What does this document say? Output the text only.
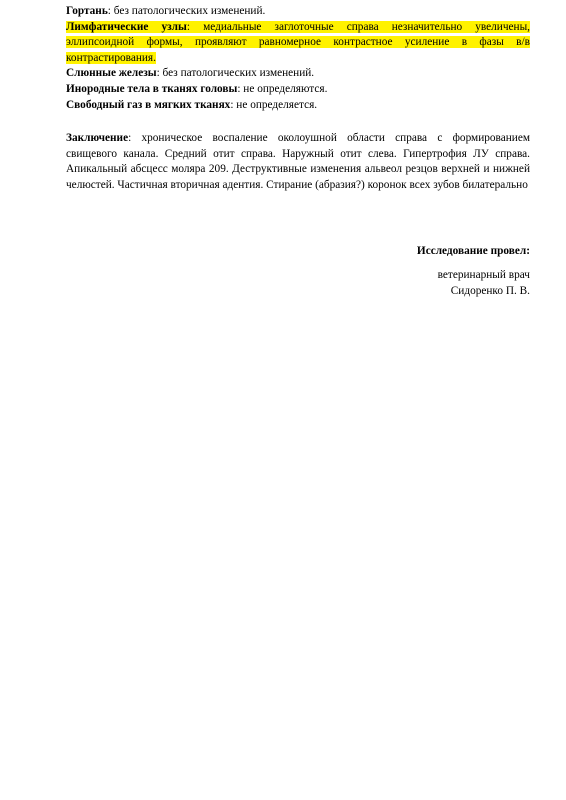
Гортань: без патологических изменений.

Лимфатические узлы: медиальные заглоточные справа незначительно увеличены, эллипсоидной формы, проявляют равномерное контрастное усиление в фазы в/в контрастирования.

Слюнные железы: без патологических изменений.

Инородные тела в тканях головы: не определяются.

Свободный газ в мягких тканях: не определяется.

Заключение: хроническое воспаление околоушной области справа с формированием свищевого канала. Средний отит справа. Наружный отит слева. Гипертрофия ЛУ справа. Апикальный абсцесс моляра 209. Деструктивные изменения альвеол резцов верхней и нижней челюстей. Частичная вторичная адентия. Стирание (абразия?) коронок всех зубов билатерально

Исследование провел:
ветеринарный врач
Сидоренко П. В.
